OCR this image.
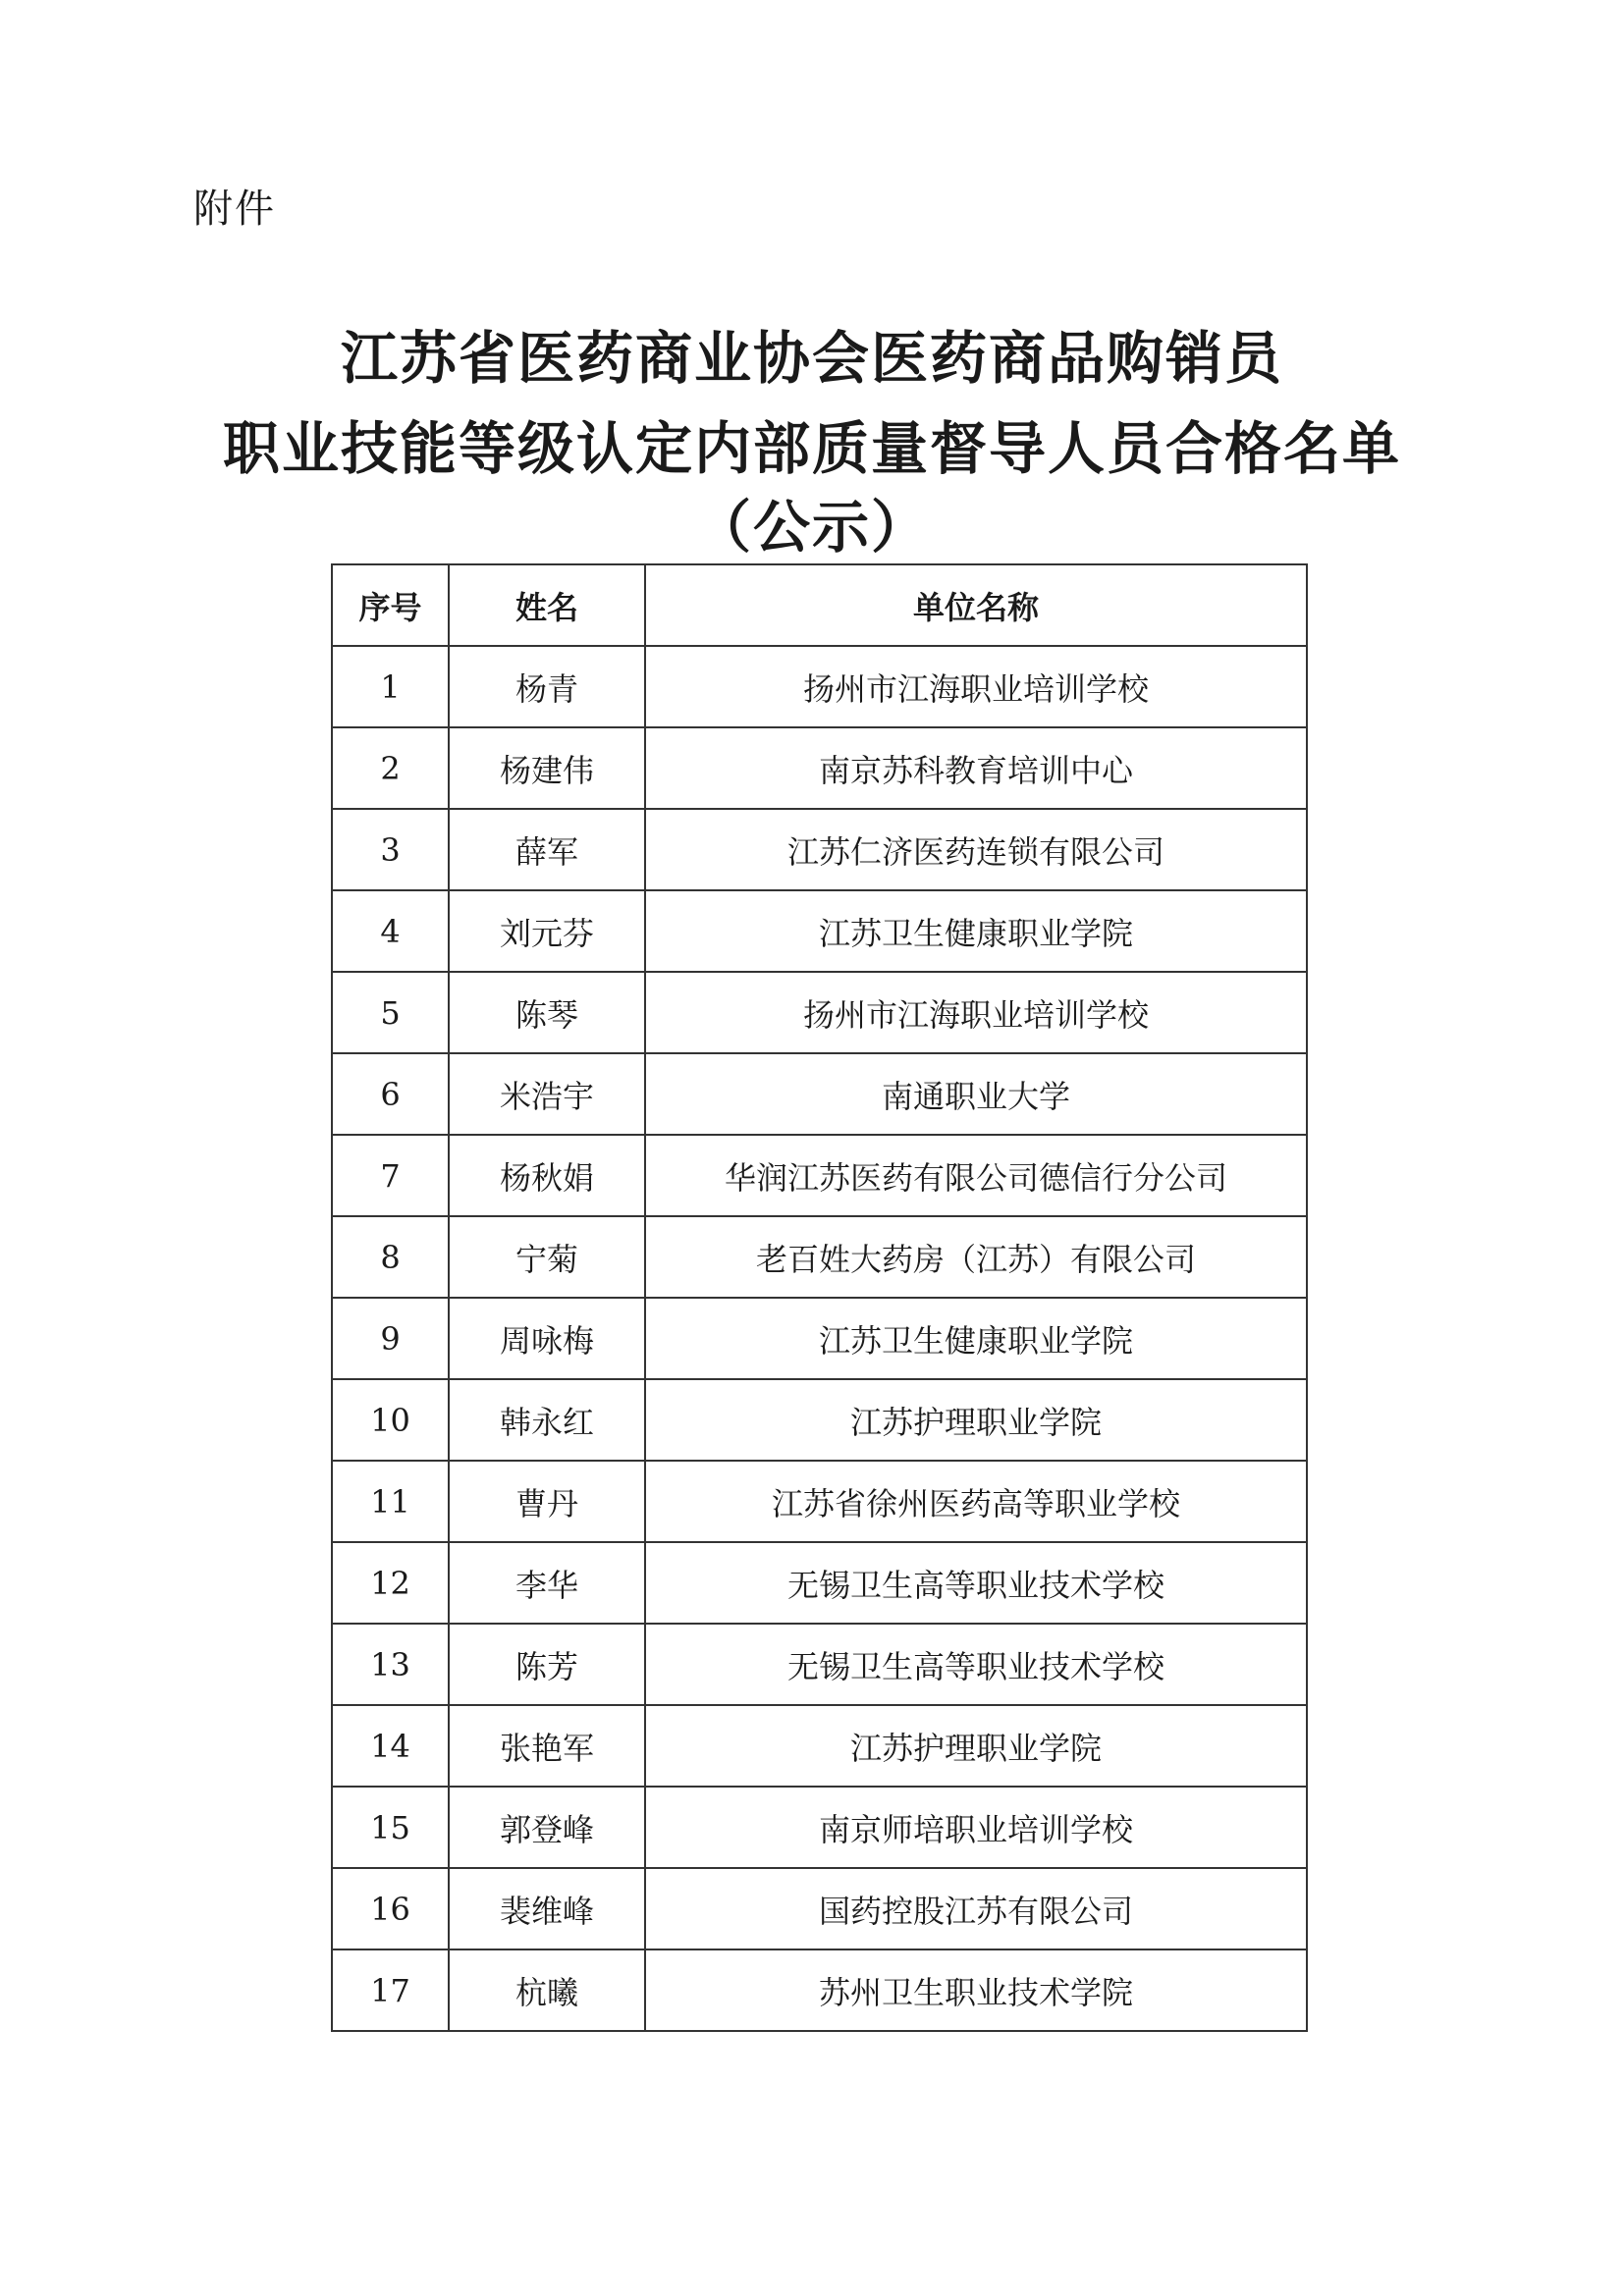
附件
江苏省医药商业协会医药商品购销员
职业技能等级认定内部质量督导人员合格名单
（公示）
序号	姓名	单位名称
1	杨青	扬州市江海职业培训学校
2	杨建伟	南京苏科教育培训中心
3	薛军	江苏仁济医药连锁有限公司
4	刘元芬	江苏卫生健康职业学院
5	陈琴	扬州市江海职业培训学校
6	米浩宇	南通职业大学
7	杨秋娟	华润江苏医药有限公司德信行分公司
8	宁菊	老百姓大药房（江苏）有限公司
9	周咏梅	江苏卫生健康职业学院
10	韩永红	江苏护理职业学院
11	曹丹	江苏省徐州医药高等职业学校
12	李华	无锡卫生高等职业技术学校
13	陈芳	无锡卫生高等职业技术学校
14	张艳军	江苏护理职业学院
15	郭登峰	南京师培职业培训学校
16	裴维峰	国药控股江苏有限公司
17	杭曦	苏州卫生职业技术学院
